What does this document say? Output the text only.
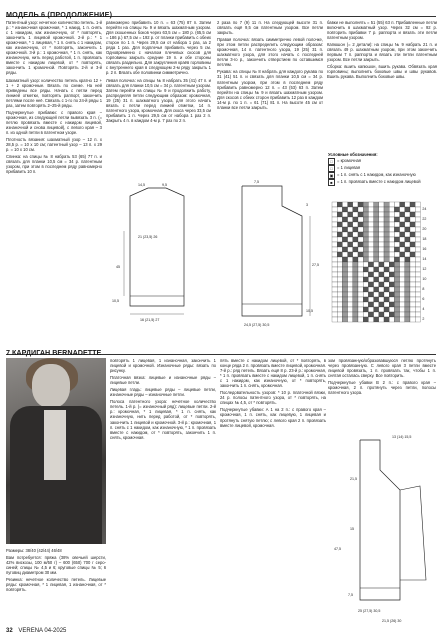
МОДЕЛЬ 6 (ПРОДОЛЖЕНИЕ)

Патентный узор: нечетное количество петель. 1-й р.: * изнаночная кромочная, * 1 накид, 1 п. снять с 1 накидом, как изнаночную, от * повторять, закончить 1 лицевой кромочной. 2-й р.: * 1 кромочная, * 1 лицевая, * 1 п. снять с 1 накидом, как изнаночную, от * повторять, закончить 1 кромочной. 3-й р.: 1 кромочная, * 1 п. снять, как изнаночную, нить перед работой, 1 п. провязать вместе с накидом лицевой, от * повторять, закончить 1 кромочной. Повторять 2-й и 3-й ряды.

Шахматный узор: количество петель кратно 12 + 1 + 2 кромочные. Вязать по схеме. На ней приведены все ряды. Начать с петли перед линией отметки, повторять раппорт, закончить петлями после неё. Связать с 1-го по 24-й ряды 1 раз, затем повторять 2–25-й ряды.

Подчеркнутые прибавки: с правого края – кромочная, из следующей петли вывязать 3 п. (= петлю провязать вместе с накидом лицевой, изнаночной и снова лицевой), с левого края – 3 п. из одной петли в патентном узоре.

Плотность вязания: шахматный узор – 12 п. х 28,5 р. = 10 х 10 см; патентный узор – 13 п. х 29 р. = 10 х 10 см.

Спинка: на спицы № 8 набрать 53 (65) 77 п. и связать для планки 10,5 см = 34 р. патентным узором, при этом в последнем ряду равномерно прибавить 10 п.

равномерно прибавить 10 п. = 63 (75) 87 п. Затем перейти на спицы № 9 и вязать шахматным узором. Для скошенных боков через 63,5 см = 180 р. (65,5 см = 186 р.) 67,5 см = 192 р. от планки прибавить с обеих сторон по 1 п. Через 29,5 см от набора 1 раз, за 2 ряда 1 раз. Для подплечья прибавить через 5 см. Одновременно с началом плечевых скосов для горловины закрыть средние 19 п. и обе стороны связать раздельно. Для закругления краёв горловины с внутреннего края в следующем 2-м ряду закрыть 1 р. 2 п. Вязать обе половинки симметрично.

Левая полочка: на спицы № 8 набрать 35 (41) 47 п. и связать для планки 10,5 см = 34 р. патентным узором. Затем перейти на спицы № 9 и продолжить работу, распределяя петли следующим образом: кромочная, 19 (25) 31 п. шахматного узора, для этого начать вязать с петли перед линией отметки, 14 п. патентного узора, кромочная. Для скоса через 33,5 см прибавить 1 п. Через 29,5 см от набора 1 раз 2 п. Закрыть 4 п. в каждом 4-м р. 7 раз по 2 п.

2 раза по 7 (9) 11 п. На следующей высоте 31 п. связать ещё 9,5 см патентным узором. Все петли закрыть.

Правая полочка: вязать симметрично левой полочке, при этом петли распределить следующим образом: кромочная, 14 п. патентного узора, 19 (25) 31 п. шахматного узора, для этого начать с последней петли 3-го р., закончить отверстием по оставшимся петлям.

Рукава: на спицы № 8 набрать для каждого рукава по 31 (41) 51 п. и связать для планки 10,5 см = 34 р. патентным узором, при этом в последнем ряду прибавить равномерно 12 п. = 43 (53) 63 п. Затем перейти на спицы № 9 и вязать шахматным узором. Для скосов с обеих сторон прибавить 12 раз в каждом 14-м р. по 1 п. = 61 (71) 81 п. На высоте 45 см от планки все петли закрыть.

бавки не выполнять = 51 (55) 63 п. Прибавленные петли включить в шахматный узор. Через 32 см = 92 р. повторить прибавки 7 р. раппорта и вязать эти петли патентным узором.

Капюшон (= 2 детали): на спицы № 9 набрать 21 п. и связать 49 р. шахматным узором, при этом закончить первым 7 п. раппорта и вязать эти петли патентным узором. Все петли закрыть.

Сборка: вшить капюшон, вшить рукава. Обвязать края горловины; выполнить боковые швы и швы рукавов. Вшить рукава. Выполнить боковые швы.

Условные обозначения:
□	= кромочная
□	= 1 лицевая
▣ = 1 п. снять с 1 накидом, как изнаночную
■	= 1 п. провязать вместе с накидом лицевой
14,5	9,5
21 (23,5) 26
10,5
45
16 (21,5) 27
7,5
24,5 (27,5) 30,5
10,5
3
27,5
24
22
20
18
16
14
12
10
8
6
4
2
7 КАРДИГАН BERNADETTE

Размеры: 38/40 (42/44) 46/48

Вам потребуется: пряжа (38% овечьей шерсти, 42% вискозы, 100 м/50 г) – 600 (650) 700 г серо-синей; спицы № 4,5 и 6; круговые спицы № 5; 6 пуговиц диаметром 30 мм.

Резинка: нечетное количество петель. Лицевые ряды: кромочная, * 1 лицевая, 1 изнаночная, от * повторять.

повторять 1 лицевая, 1 изнаночная, закончить 1 лицевой и кромочной. Изнаночные ряды: вязать по рисунку.

Платочная вязка: лицевые и изнаночные ряды – лицевые петли.

Лицевая гладь: лицевые ряды – лицевые петли, изнаночные ряды – изнаночные петли.

Полоса патентного узора: нечетное количество петель. 1-й р. (= изнаночный ряд): лицевые петли. 2-й р.: кромочная, * 1 лицевая, * 1 п. снять, как изнаночную, нить перед работой, от * повторять, закончить 1 лицевой и кромочной. 3-й р.: кромочная, 1 п. снять с 1 накидом, как изнаночную, * 1 п. провязать вместе с накидом, от * повторять, закончить 1 п. снять, кромочная.

пять вместе с накидом лицевой, от * повторять, в конце ряда 2 п. провязать вместе лицевой, кромочная. 7-й р.: ряд петель. Вязать ещё 8 р. 23-й р.: кромочная, * 1 п. провязать вместе с накидом лицевой, 1 п. снять с 1 накидом, как изнаночную, от * повторять, закончить 1 п. снять, кромочная.

Последовательность узоров: * 10 р. платочной вязки, 24 р. полосы патентного узора, от * повторять, на спицах № 4,5, от * повторять.

Подчеркнутые убавки: А 1 на 2 п.: с правого края – кромочная, 1 п. снять, как лицевую, 1 лицевая и протянуть снятую петлю; с левого края 2 п. провязать вместе лицевой, кромочная.

зом провязанную/образовавшуюся петлю протянуть через провязанную. С левого края 3 петли вместе лицевой провязать, 1 п. провязать так, чтобы 1 п. снятая осталась сверху. Все повторить.

Подчеркнутые убавки В 2 п.: с правого края – кромочная, 2 п. протянуть через петли, полосы патентного узора.

21,5
15
47,5
7,5
25 (27,5) 30,5
13 (14) 15,5
21,5 (26) 30
32 VERENA 04-2025
